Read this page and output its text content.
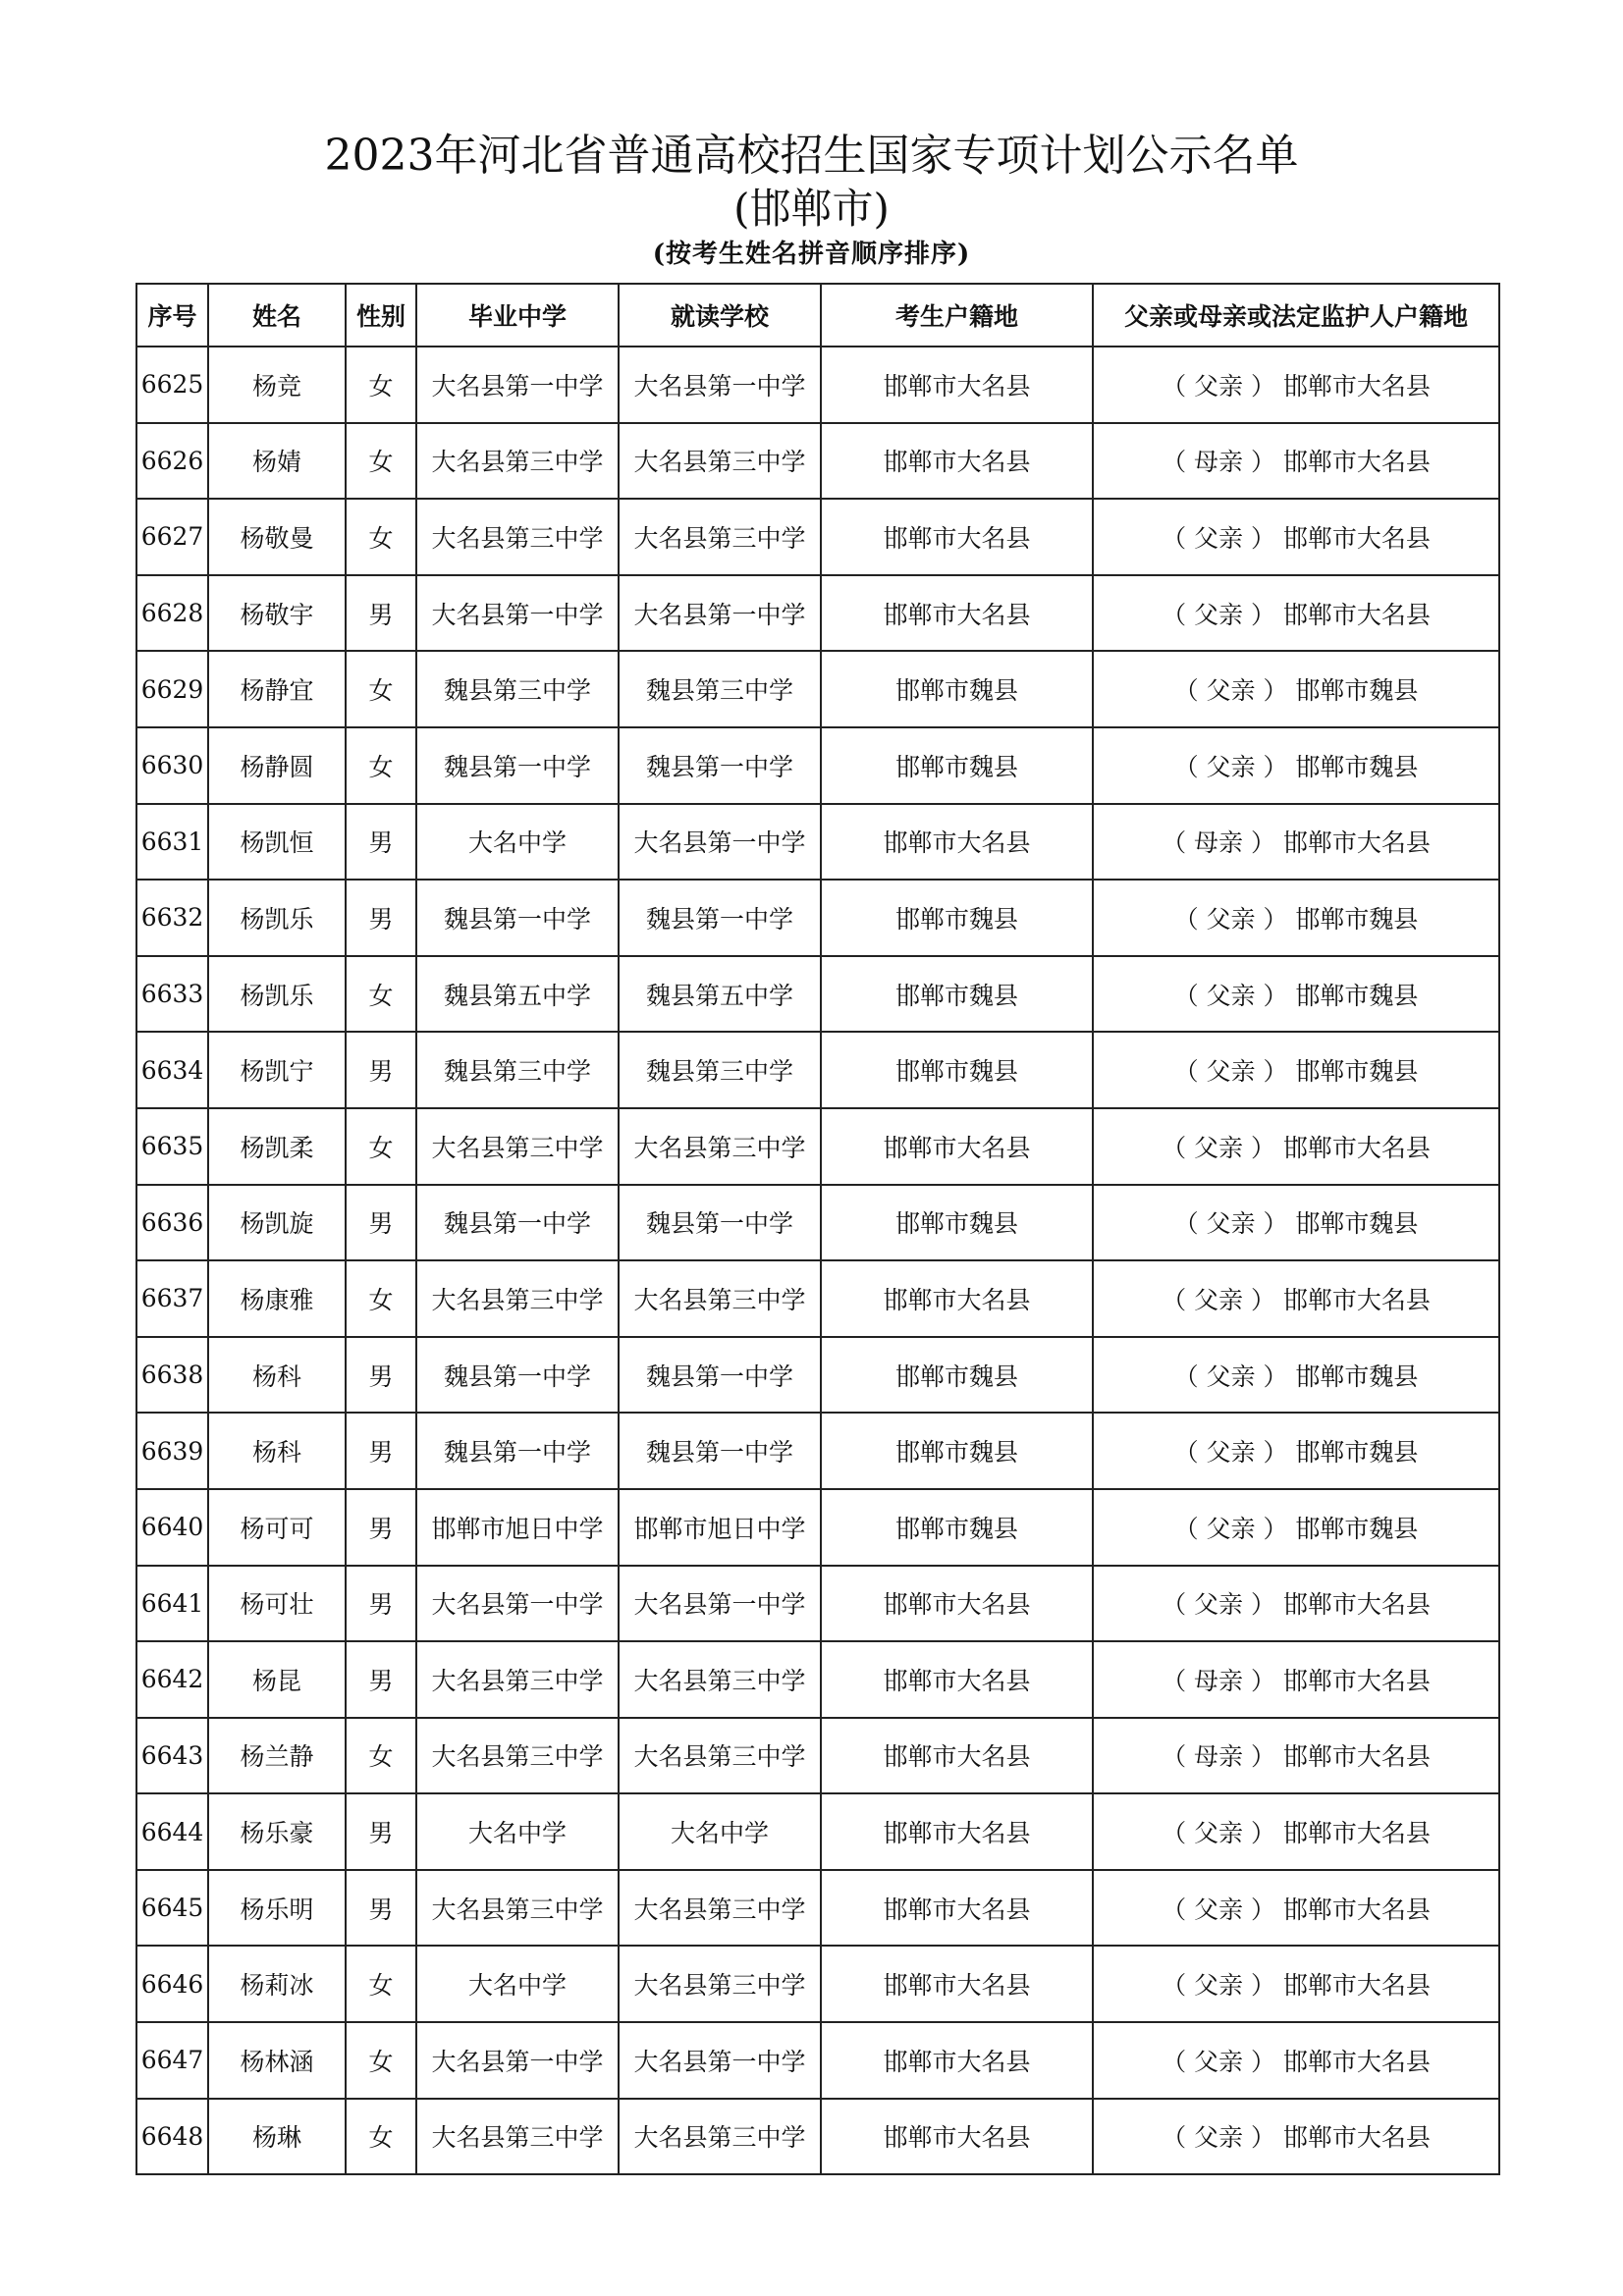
2023年河北省普通高校招生国家专项计划公示名单
(邯郸市)
(按考生姓名拼音顺序排序)
序号	姓名	性别	毕业中学	就读学校	考生户籍地	父亲或母亲或法定监护人户籍地
6625	杨竞	女	大名县第一中学	大名县第一中学	邯郸市大名县	（ 父亲 ） 邯郸市大名县
6626	杨婧	女	大名县第三中学	大名县第三中学	邯郸市大名县	（ 母亲 ） 邯郸市大名县
6627	杨敬曼	女	大名县第三中学	大名县第三中学	邯郸市大名县	（ 父亲 ） 邯郸市大名县
6628	杨敬宇	男	大名县第一中学	大名县第一中学	邯郸市大名县	（ 父亲 ） 邯郸市大名县
6629	杨静宜	女	魏县第三中学	魏县第三中学	邯郸市魏县	（ 父亲 ） 邯郸市魏县
6630	杨静圆	女	魏县第一中学	魏县第一中学	邯郸市魏县	（ 父亲 ） 邯郸市魏县
6631	杨凯恒	男	大名中学	大名县第一中学	邯郸市大名县	（ 母亲 ） 邯郸市大名县
6632	杨凯乐	男	魏县第一中学	魏县第一中学	邯郸市魏县	（ 父亲 ） 邯郸市魏县
6633	杨凯乐	女	魏县第五中学	魏县第五中学	邯郸市魏县	（ 父亲 ） 邯郸市魏县
6634	杨凯宁	男	魏县第三中学	魏县第三中学	邯郸市魏县	（ 父亲 ） 邯郸市魏县
6635	杨凯柔	女	大名县第三中学	大名县第三中学	邯郸市大名县	（ 父亲 ） 邯郸市大名县
6636	杨凯旋	男	魏县第一中学	魏县第一中学	邯郸市魏县	（ 父亲 ） 邯郸市魏县
6637	杨康雅	女	大名县第三中学	大名县第三中学	邯郸市大名县	（ 父亲 ） 邯郸市大名县
6638	杨科	男	魏县第一中学	魏县第一中学	邯郸市魏县	（ 父亲 ） 邯郸市魏县
6639	杨科	男	魏县第一中学	魏县第一中学	邯郸市魏县	（ 父亲 ） 邯郸市魏县
6640	杨可可	男	邯郸市旭日中学	邯郸市旭日中学	邯郸市魏县	（ 父亲 ） 邯郸市魏县
6641	杨可壮	男	大名县第一中学	大名县第一中学	邯郸市大名县	（ 父亲 ） 邯郸市大名县
6642	杨昆	男	大名县第三中学	大名县第三中学	邯郸市大名县	（ 母亲 ） 邯郸市大名县
6643	杨兰静	女	大名县第三中学	大名县第三中学	邯郸市大名县	（ 母亲 ） 邯郸市大名县
6644	杨乐豪	男	大名中学	大名中学	邯郸市大名县	（ 父亲 ） 邯郸市大名县
6645	杨乐明	男	大名县第三中学	大名县第三中学	邯郸市大名县	（ 父亲 ） 邯郸市大名县
6646	杨莉冰	女	大名中学	大名县第三中学	邯郸市大名县	（ 父亲 ） 邯郸市大名县
6647	杨林涵	女	大名县第一中学	大名县第一中学	邯郸市大名县	（ 父亲 ） 邯郸市大名县
6648	杨琳	女	大名县第三中学	大名县第三中学	邯郸市大名县	（ 父亲 ） 邯郸市大名县
